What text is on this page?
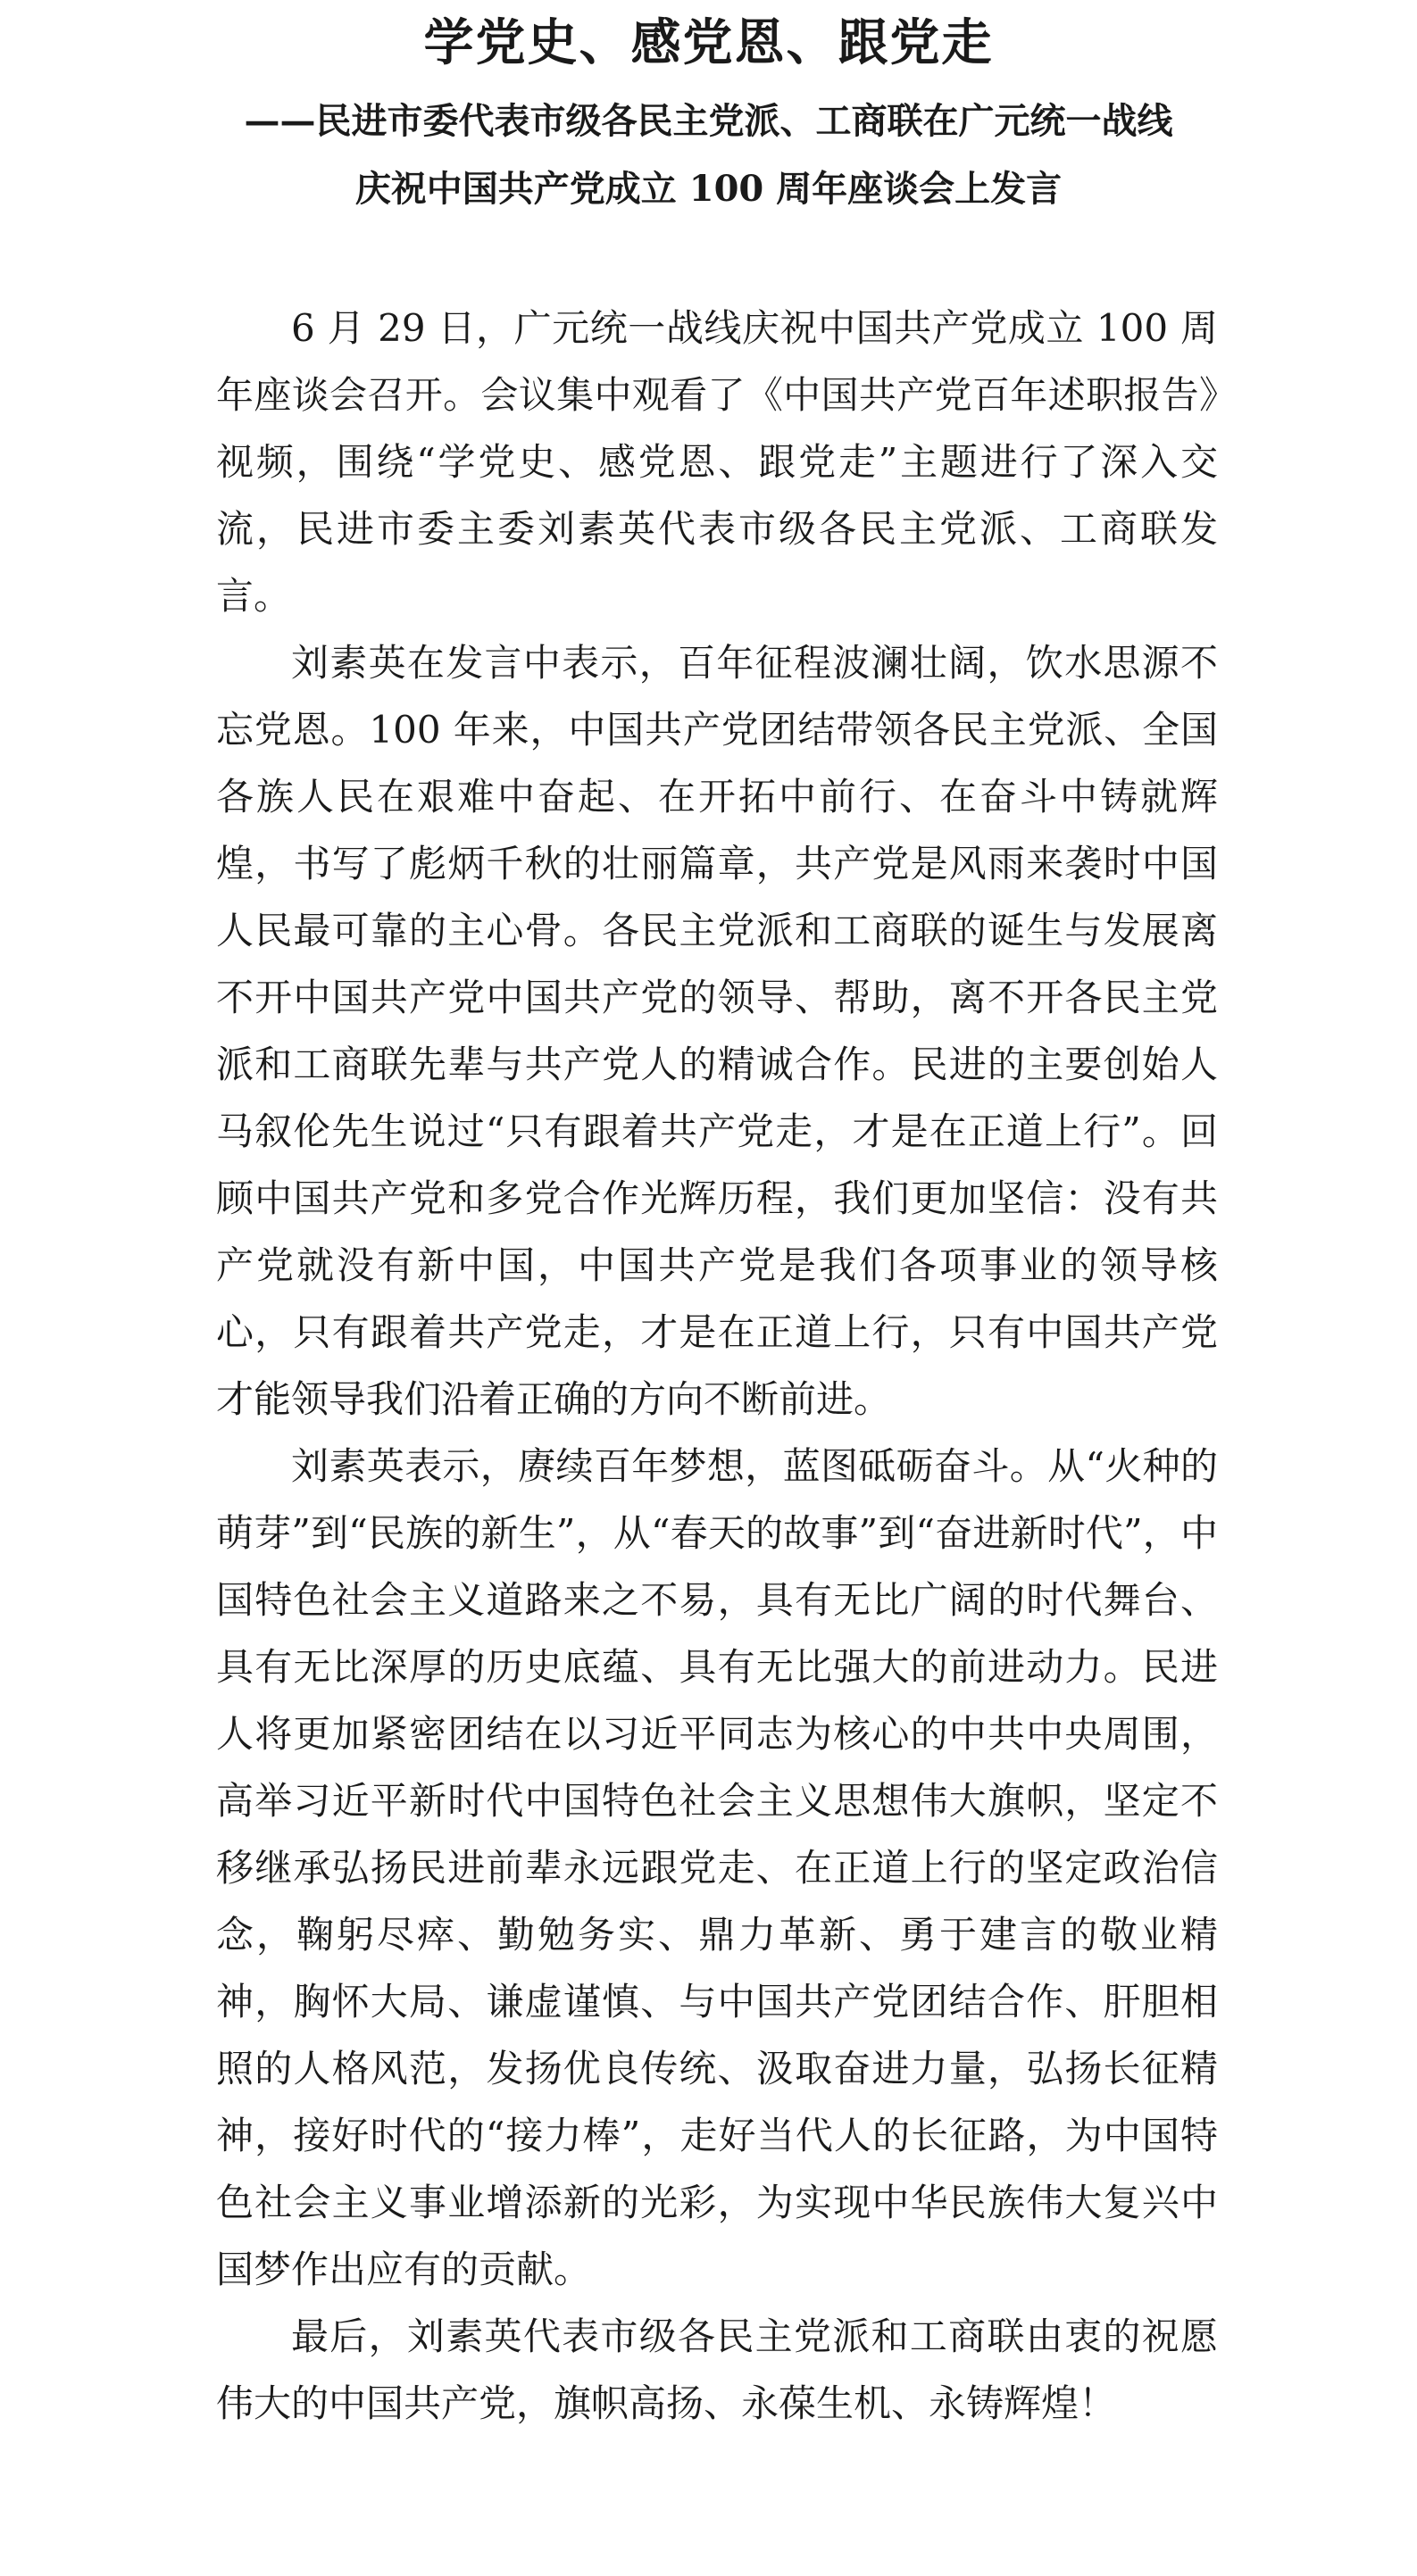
学党史、感党恩、跟党走
——民进市委代表市级各民主党派、工商联在广元统一战线
庆祝中国共产党成立 100 周年座谈会上发言

6 月 29 日，广元统一战线庆祝中国共产党成立 100 周年座谈会召开。会议集中观看了《中国共产党百年述职报告》视频，围绕“学党史、感党恩、跟党走”主题进行了深入交流，民进市委主委刘素英代表市级各民主党派、工商联发言。

刘素英在发言中表示，百年征程波澜壮阔，饮水思源不忘党恩。100 年来，中国共产党团结带领各民主党派、全国各族人民在艰难中奋起、在开拓中前行、在奋斗中铸就辉煌，书写了彪炳千秋的壮丽篇章，共产党是风雨来袭时中国人民最可靠的主心骨。各民主党派和工商联的诞生与发展离不开中国共产党中国共产党的领导、帮助，离不开各民主党派和工商联先辈与共产党人的精诚合作。民进的主要创始人马叙伦先生说过“只有跟着共产党走，才是在正道上行”。回顾中国共产党和多党合作光辉历程，我们更加坚信：没有共产党就没有新中国，中国共产党是我们各项事业的领导核心，只有跟着共产党走，才是在正道上行，只有中国共产党才能领导我们沿着正确的方向不断前进。

刘素英表示，赓续百年梦想，蓝图砥砺奋斗。从“火种的萌芽”到“民族的新生”，从“春天的故事”到“奋进新时代”，中国特色社会主义道路来之不易，具有无比广阔的时代舞台、具有无比深厚的历史底蕴、具有无比强大的前进动力。民进人将更加紧密团结在以习近平同志为核心的中共中央周围，高举习近平新时代中国特色社会主义思想伟大旗帜，坚定不移继承弘扬民进前辈永远跟党走、在正道上行的坚定政治信念，鞠躬尽瘁、勤勉务实、鼎力革新、勇于建言的敬业精神，胸怀大局、谦虚谨慎、与中国共产党团结合作、肝胆相照的人格风范，发扬优良传统、汲取奋进力量，弘扬长征精神，接好时代的“接力棒”，走好当代人的长征路，为中国特色社会主义事业增添新的光彩，为实现中华民族伟大复兴中国梦作出应有的贡献。

最后，刘素英代表市级各民主党派和工商联由衷的祝愿伟大的中国共产党，旗帜高扬、永葆生机、永铸辉煌！
